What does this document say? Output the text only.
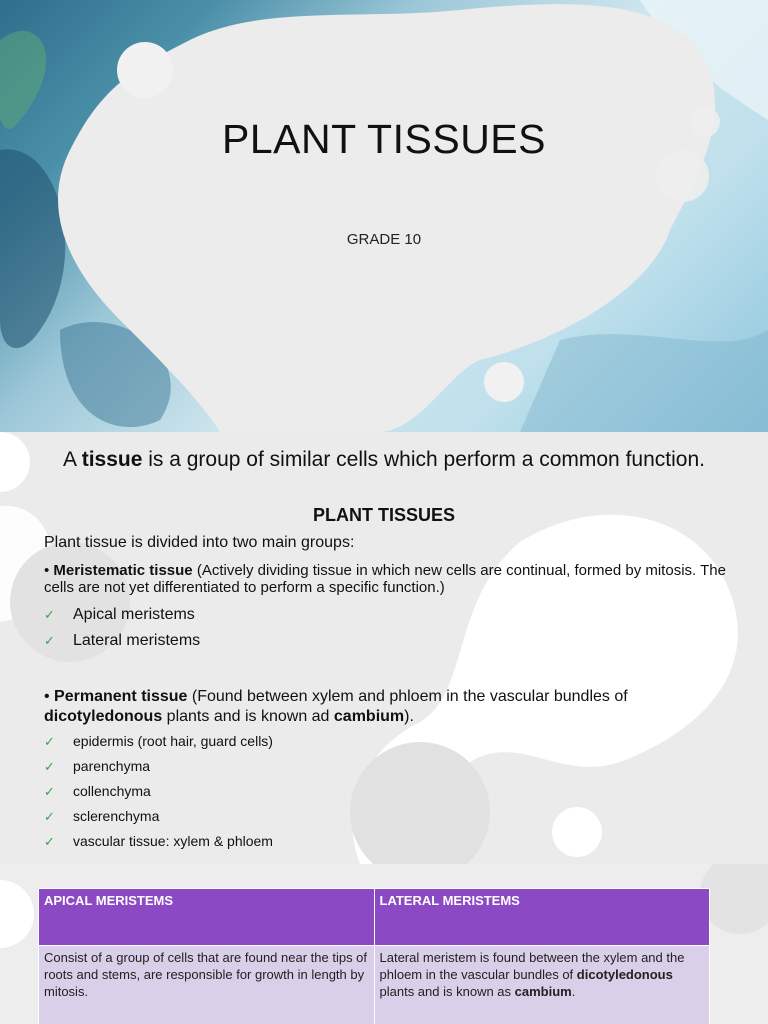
PLANT TISSUES
GRADE 10
A tissue is a group of similar cells which perform a common function.
PLANT TISSUES
Plant tissue is divided into two main groups:
• Meristematic tissue (Actively dividing tissue in which new cells are continual, formed by mitosis. The cells are not yet differentiated to perform a specific function.)
✓ Apical meristems
✓ Lateral meristems
• Permanent tissue (Found between xylem and phloem in the vascular bundles of dicotyledonous plants and is known ad cambium).
✓ epidermis (root hair, guard cells)
✓ parenchyma
✓ collenchyma
✓ sclerenchyma
✓ vascular tissue: xylem & phloem
APICAL MERISTEMS	LATERAL MERISTEMS
Consist of a group of cells that are found near the tips of roots and stems, are responsible for growth in length by mitosis.	Lateral meristem is found between the xylem and the phloem in the vascular bundles of dicotyledonous plants and is known as cambium.
